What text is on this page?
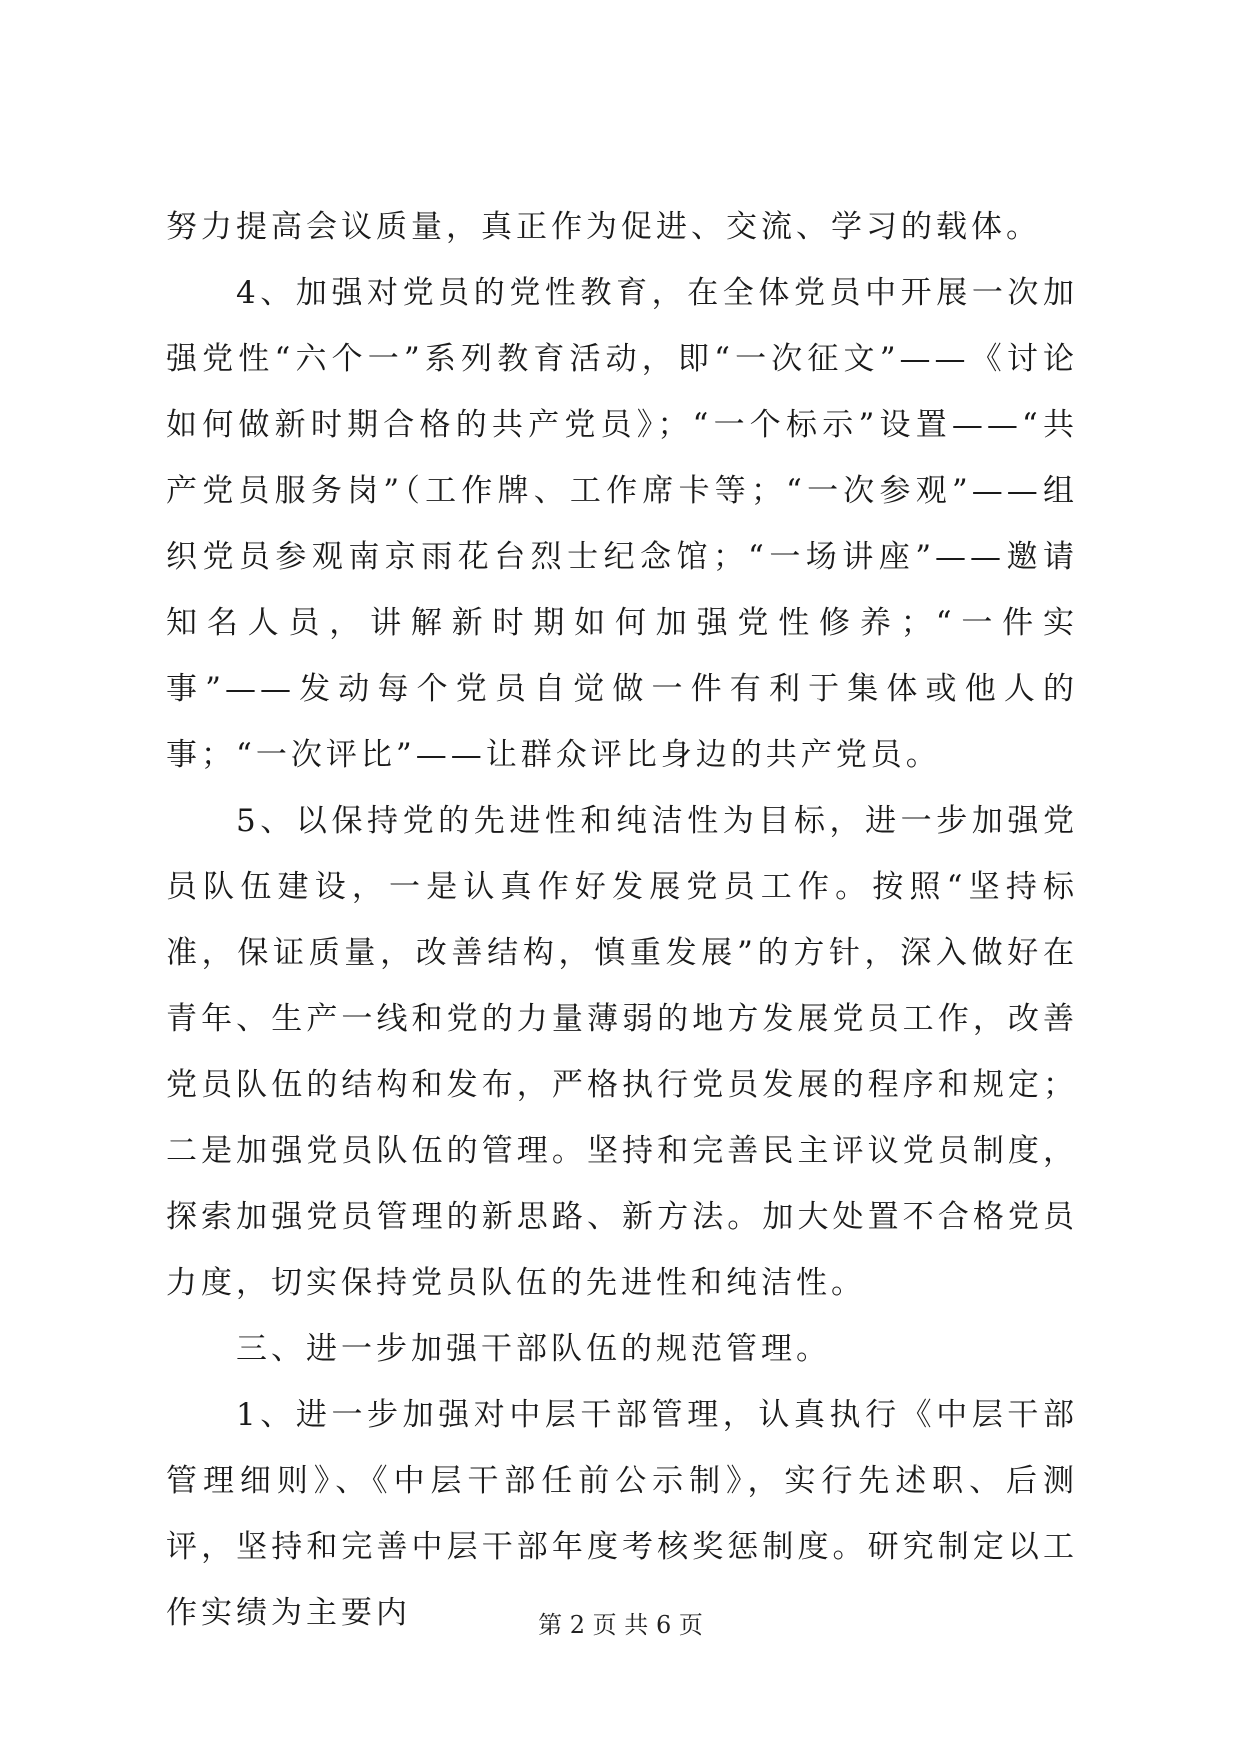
努力提高会议质量，真正作为促进、交流、学习的载体。

4、加强对党员的党性教育，在全体党员中开展一次加强党性“六个一”系列教育活动，即“一次征文”——《讨论如何做新时期合格的共产党员》；“一个标示”设置——“共产党员服务岗”（工作牌、工作席卡等；“一次参观”——组织党员参观南京雨花台烈士纪念馆；“一场讲座”——邀请知名人员，讲解新时期如何加强党性修养；“一件实事”——发动每个党员自觉做一件有利于集体或他人的事；“一次评比”——让群众评比身边的共产党员。

5、以保持党的先进性和纯洁性为目标，进一步加强党员队伍建设，一是认真作好发展党员工作。按照“坚持标准，保证质量，改善结构，慎重发展”的方针，深入做好在青年、生产一线和党的力量薄弱的地方发展党员工作，改善党员队伍的结构和发布，严格执行党员发展的程序和规定；二是加强党员队伍的管理。坚持和完善民主评议党员制度，探索加强党员管理的新思路、新方法。加大处置不合格党员力度，切实保持党员队伍的先进性和纯洁性。

三、进一步加强干部队伍的规范管理。

1、进一步加强对中层干部管理，认真执行《中层干部管理细则》、《中层干部任前公示制》，实行先述职、后测评，坚持和完善中层干部年度考核奖惩制度。研究制定以工作实绩为主要内	第 2 页 共 6 页
